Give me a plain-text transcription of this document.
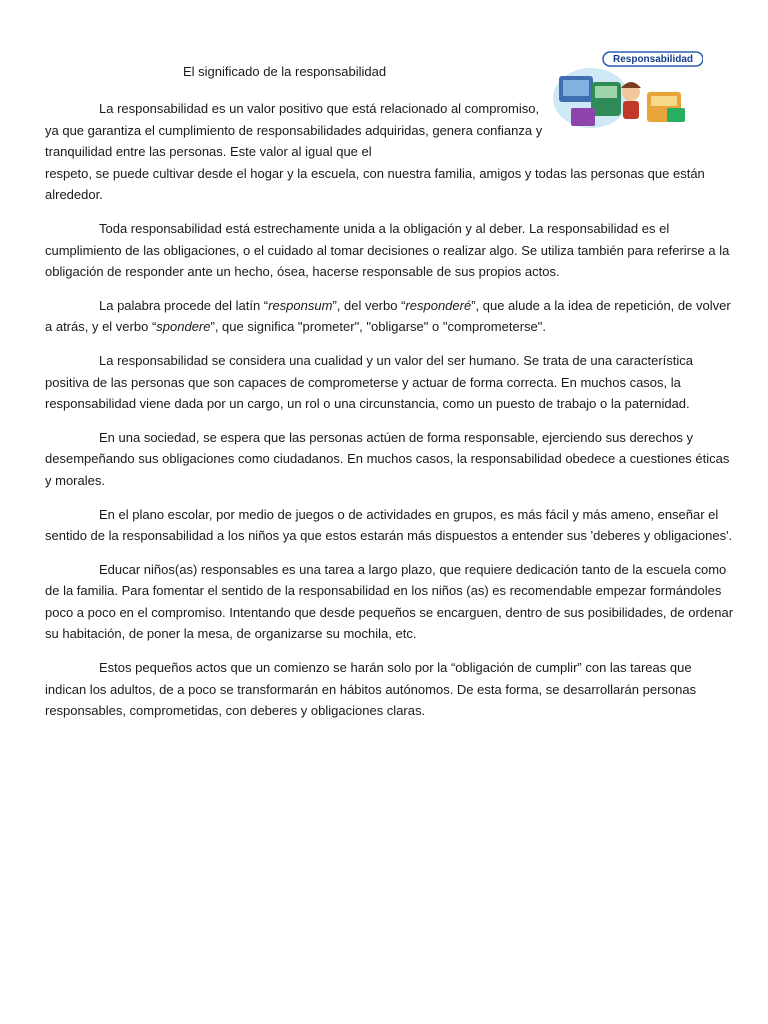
El significado de la responsabilidad
Responsabilidad

La responsabilidad es un valor positivo que está relacionado al compromiso, ya que garantiza el cumplimiento de responsabilidades adquiridas, genera confianza y tranquilidad entre las personas. Este valor al igual que el

respeto, se puede cultivar desde el hogar y la escuela, con nuestra familia, amigos y todas las personas que están alrededor.

Toda responsabilidad está estrechamente unida a la obligación y al deber. La responsabilidad es el cumplimiento de las obligaciones, o el cuidado al tomar decisiones o realizar algo. Se utiliza también para referirse a la obligación de responder ante un hecho, ósea, hacerse responsable de sus propios actos.

La palabra procede del latín “responsum”, del verbo “responderé”, que alude a la idea de repetición, de volver a atrás, y el verbo “spondere”, que significa "prometer", "obligarse" o "comprometerse".

La responsabilidad se considera una cualidad y un valor del ser humano. Se trata de una característica positiva de las personas que son capaces de comprometerse y actuar de forma correcta. En muchos casos, la responsabilidad viene dada por un cargo, un rol o una circunstancia, como un puesto de trabajo o la paternidad.

En una sociedad, se espera que las personas actúen de forma responsable, ejerciendo sus derechos y desempeñando sus obligaciones como ciudadanos. En muchos casos, la responsabilidad obedece a cuestiones éticas y morales.

En el plano escolar, por medio de juegos o de actividades en grupos, es más fácil y más ameno, enseñar el sentido de la responsabilidad a los niños ya que estos estarán más dispuestos a entender sus 'deberes y obligaciones'.

Educar niños(as) responsables es una tarea a largo plazo, que requiere dedicación tanto de la escuela como de la familia. Para fomentar el sentido de la responsabilidad en los niños (as) es recomendable empezar formándoles poco a poco en el compromiso. Intentando que desde pequeños se encarguen, dentro de sus posibilidades, de ordenar su habitación, de poner la mesa, de organizarse su mochila, etc.

Estos pequeños actos que un comienzo se harán solo por la “obligación de cumplir” con las tareas que indican los adultos, de a poco se transformarán en hábitos autónomos. De esta forma, se desarrollarán personas responsables, comprometidas, con deberes y obligaciones claras.
